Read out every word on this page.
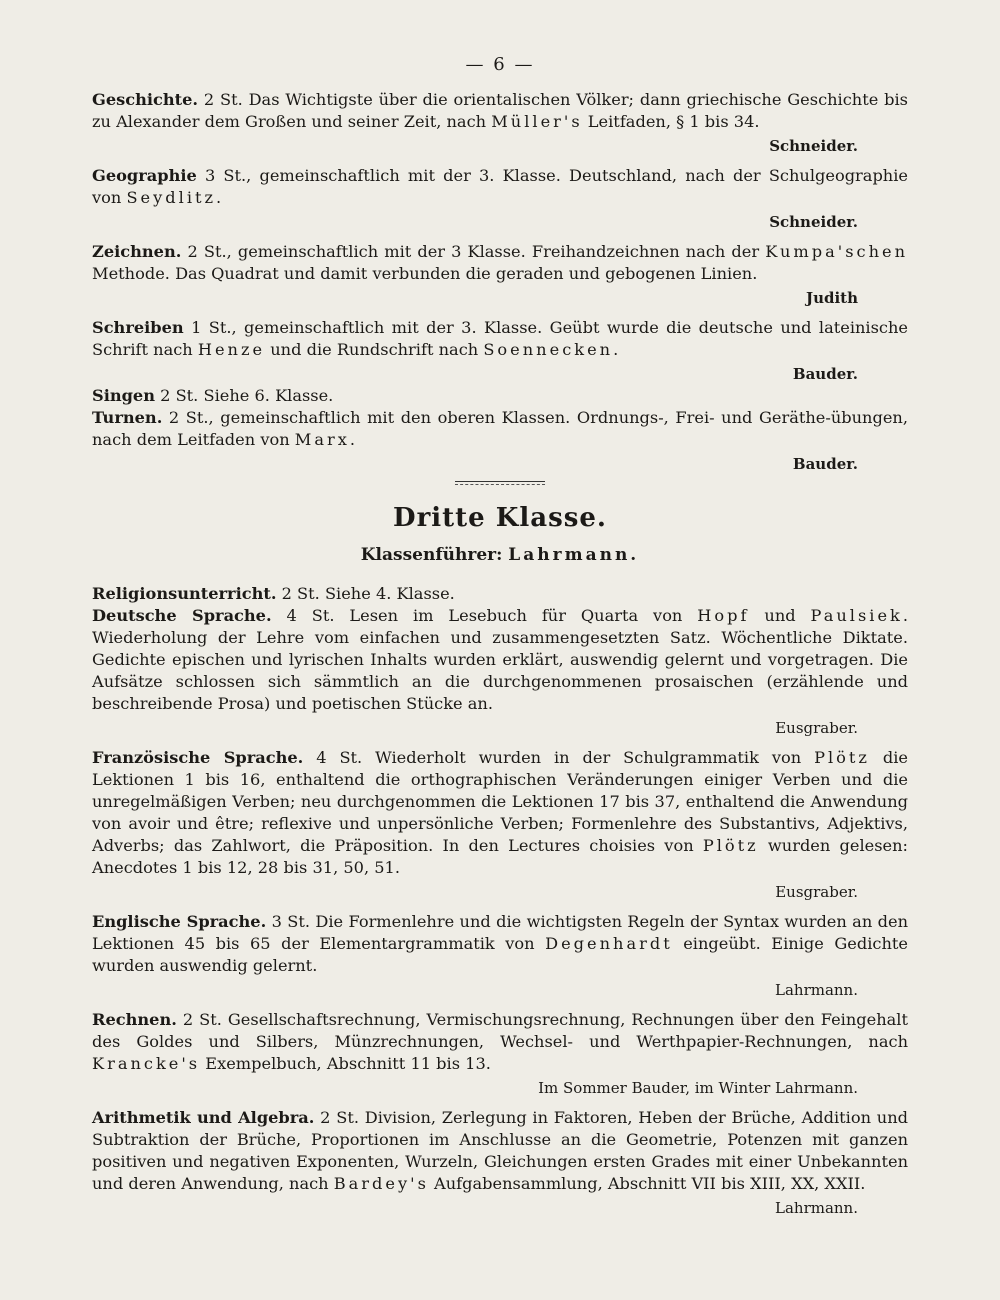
— 6 —

Geschichte. 2 St. Das Wichtigste über die orientalischen Völker; dann griechische Geschichte bis zu Alexander dem Großen und seiner Zeit, nach Müller's Leitfaden, § 1 bis 34.

Schneider.

Geographie 3 St., gemeinschaftlich mit der 3. Klasse. Deutschland, nach der Schulgeographie von Seydlitz.

Schneider.

Zeichnen. 2 St., gemeinschaftlich mit der 3 Klasse. Freihandzeichnen nach der Kumpa'schen Methode. Das Quadrat und damit verbunden die geraden und gebogenen Linien.

Judith

Schreiben 1 St., gemeinschaftlich mit der 3. Klasse. Geübt wurde die deutsche und lateinische Schrift nach Henze und die Rundschrift nach Soennecken.

Bauder.

Singen 2 St. Siehe 6. Klasse.

Turnen. 2 St., gemeinschaftlich mit den oberen Klassen. Ordnungs-, Frei- und Geräthe-übungen, nach dem Leitfaden von Marx.

Bauder.

Dritte Klasse.
Klassenführer: Lahrmann.

Religionsunterricht. 2 St. Siehe 4. Klasse.

Deutsche Sprache. 4 St. Lesen im Lesebuch für Quarta von Hopf und Paulsiek. Wiederholung der Lehre vom einfachen und zusammengesetzten Satz. Wöchentliche Diktate. Gedichte epischen und lyrischen Inhalts wurden erklärt, auswendig gelernt und vorgetragen. Die Aufsätze schlossen sich sämmtlich an die durchgenommenen prosaischen (erzählende und beschreibende Prosa) und poetischen Stücke an.

Eusgraber.

Französische Sprache. 4 St. Wiederholt wurden in der Schulgrammatik von Plötz die Lektionen 1 bis 16, enthaltend die orthographischen Veränderungen einiger Verben und die unregelmäßigen Verben; neu durchgenommen die Lektionen 17 bis 37, enthaltend die Anwendung von avoir und être; reflexive und unpersönliche Verben; Formenlehre des Substantivs, Adjektivs, Adverbs; das Zahlwort, die Präposition. In den Lectures choisies von Plötz wurden gelesen: Anecdotes 1 bis 12, 28 bis 31, 50, 51.

Eusgraber.

Englische Sprache. 3 St. Die Formenlehre und die wichtigsten Regeln der Syntax wurden an den Lektionen 45 bis 65 der Elementargrammatik von Degenhardt eingeübt. Einige Gedichte wurden auswendig gelernt.

Lahrmann.

Rechnen. 2 St. Gesellschaftsrechnung, Vermischungsrechnung, Rechnungen über den Feingehalt des Goldes und Silbers, Münzrechnungen, Wechsel- und Werthpapier-Rechnungen, nach Krancke's Exempelbuch, Abschnitt 11 bis 13.

Im Sommer Bauder, im Winter Lahrmann.

Arithmetik und Algebra. 2 St. Division, Zerlegung in Faktoren, Heben der Brüche, Addition und Subtraktion der Brüche, Proportionen im Anschlusse an die Geometrie, Potenzen mit ganzen positiven und negativen Exponenten, Wurzeln, Gleichungen ersten Grades mit einer Unbekannten und deren Anwendung, nach Bardey's Aufgabensammlung, Abschnitt VII bis XIII, XX, XXII.

Lahrmann.
